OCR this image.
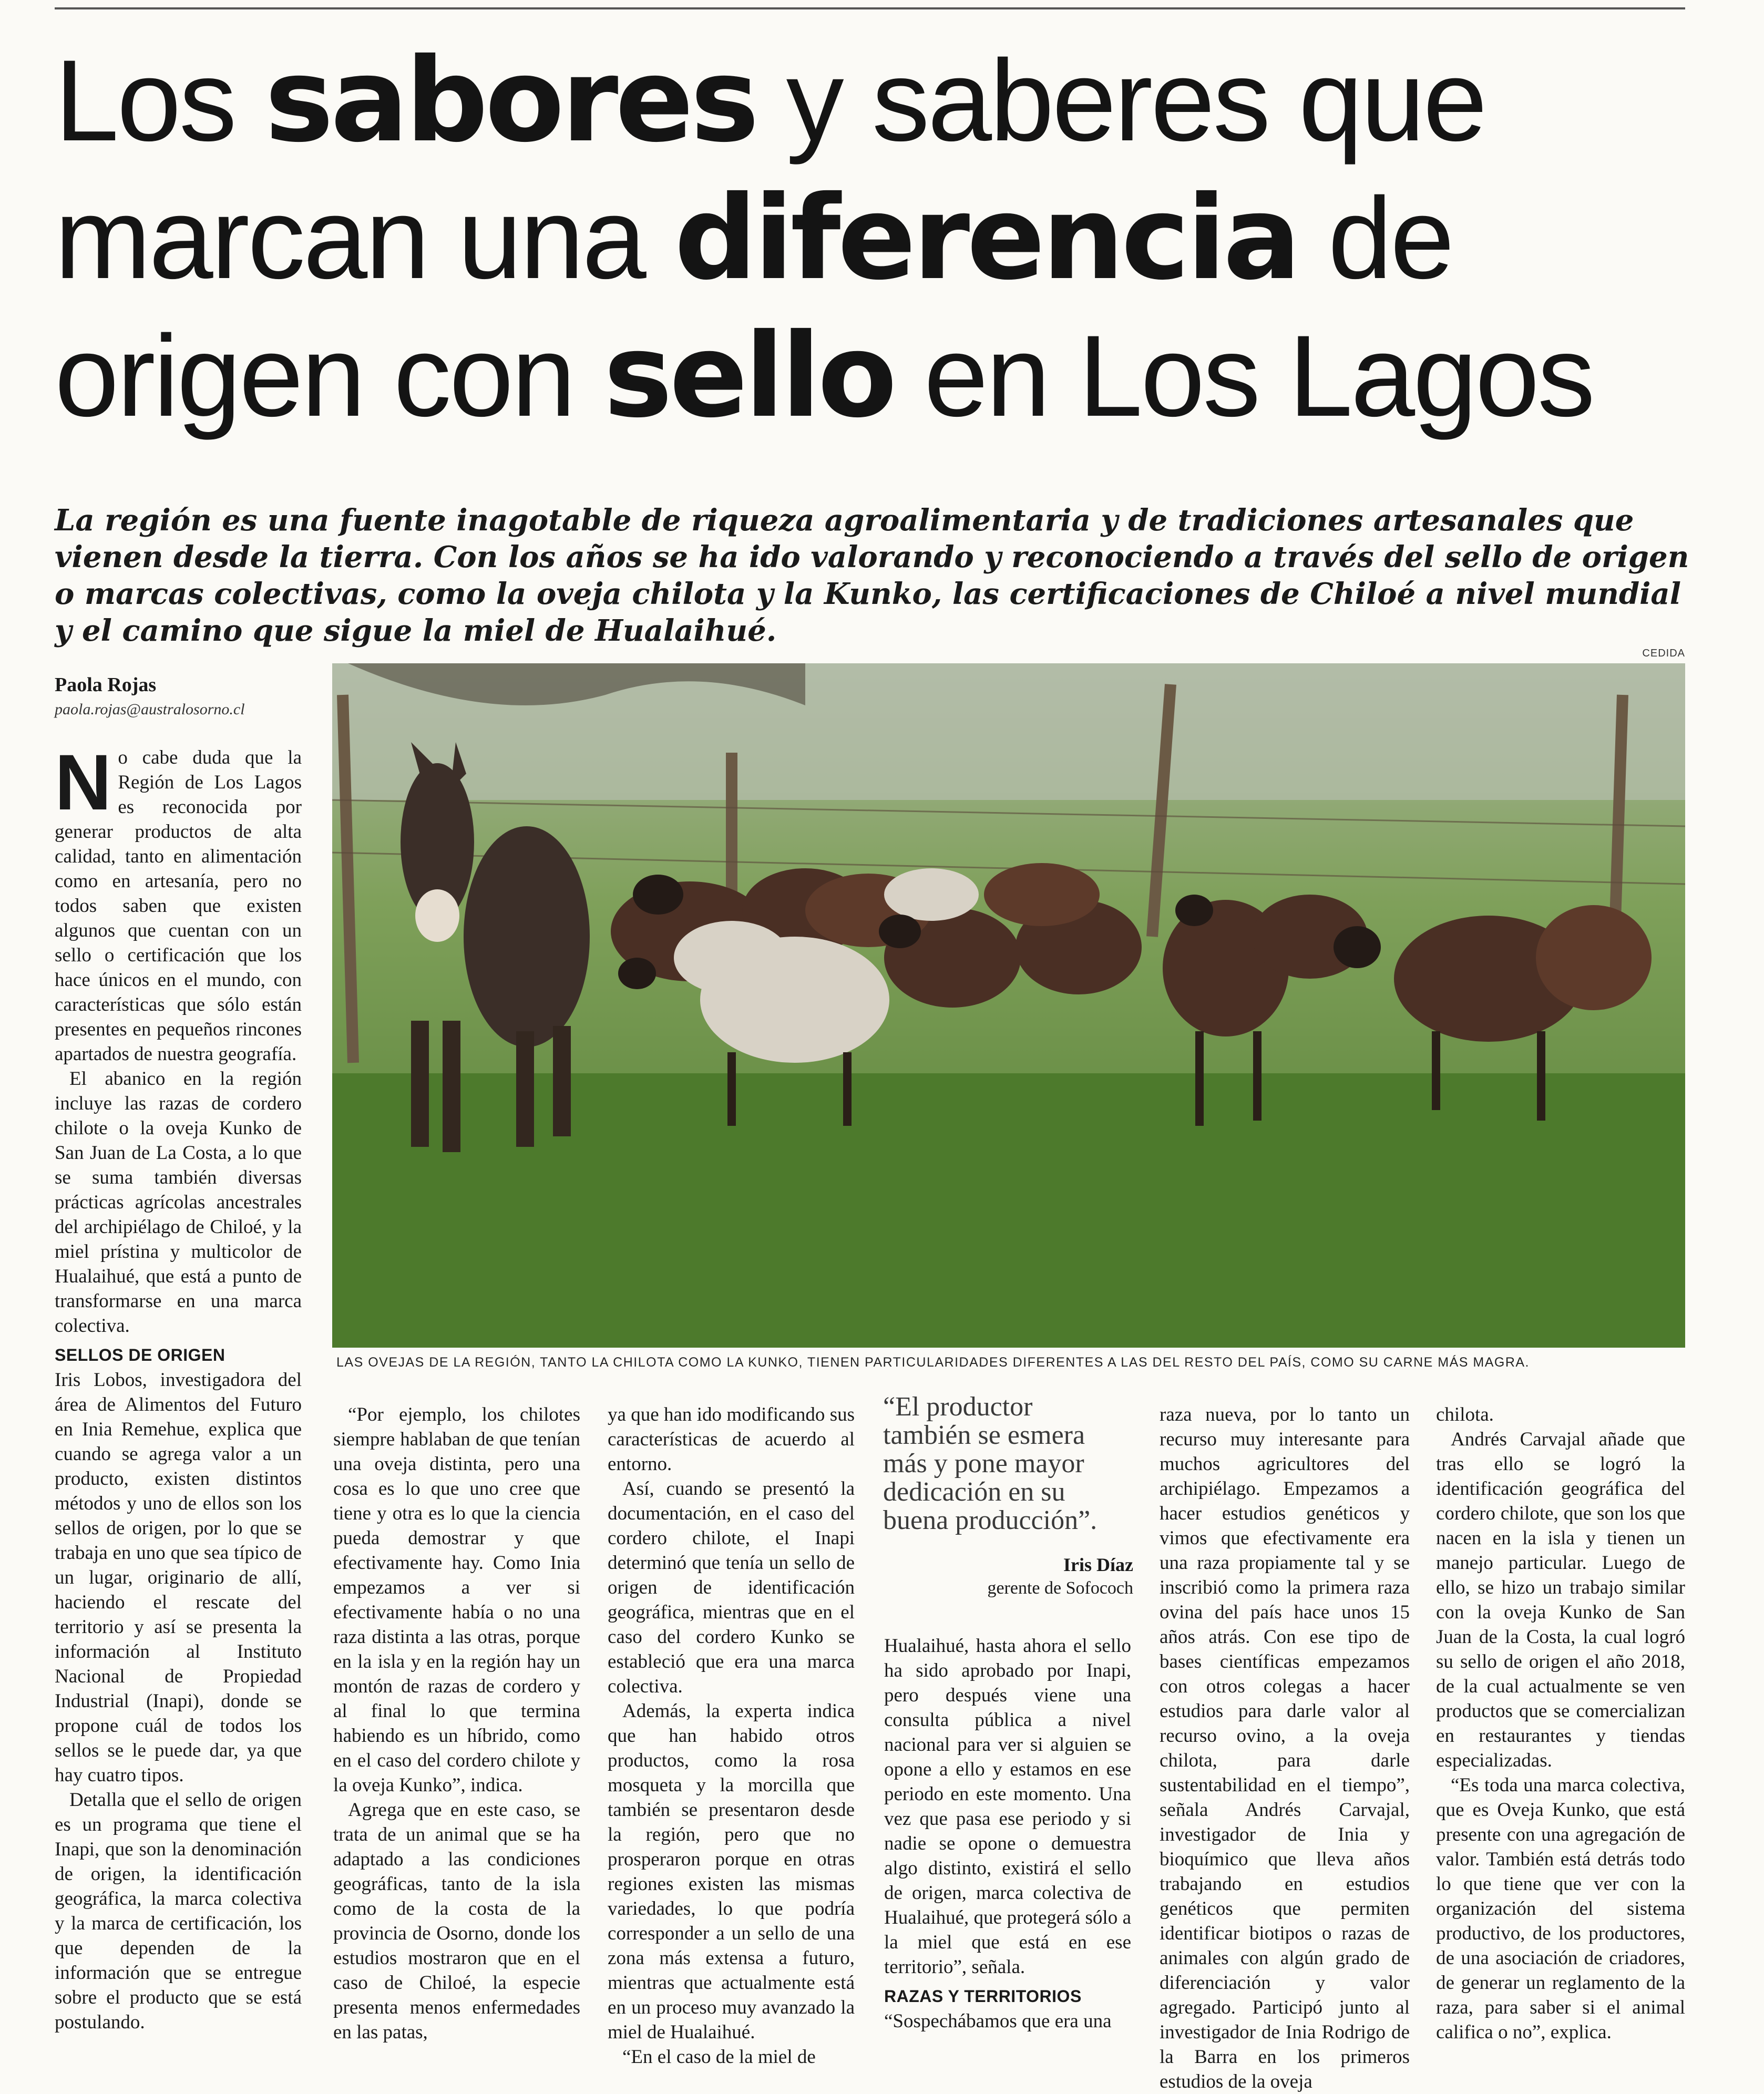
Los sabores y saberes que
marcan una diferencia de
origen con sello en Los Lagos

La región es una fuente inagotable de riqueza agroalimentaria y de tradiciones artesanales que vienen desde la tierra. Con los años se ha ido valorando y reconociendo a través del sello de origen o marcas colectivas, como la oveja chilota y la Kunko, las certificaciones de Chiloé a nivel mundial y el camino que sigue la miel de Hualaihué.

Paola Rojas
paola.rojas@australosorno.cl

No cabe duda que la Región de Los Lagos es reconocida por generar productos de alta calidad, tanto en alimentación como en artesanía, pero no todos saben que existen algunos que cuentan con un sello o certificación que los hace únicos en el mundo, con características que sólo están presentes en pequeños rincones apartados de nuestra geografía.

El abanico en la región incluye las razas de cordero chilote o la oveja Kunko de San Juan de La Costa, a lo que se suma también diversas prácticas agrícolas ancestrales del archipiélago de Chiloé, y la miel prístina y multicolor de Hualaihué, que está a punto de transformarse en una marca colectiva.

SELLOS DE ORIGEN

Iris Lobos, investigadora del área de Alimentos del Futuro en Inia Remehue, explica que cuando se agrega valor a un producto, existen distintos métodos y uno de ellos son los sellos de origen, por lo que se trabaja en uno que sea típico de un lugar, originario de allí, haciendo el rescate del territorio y así se presenta la información al Instituto Nacional de Propiedad Industrial (Inapi), donde se propone cuál de todos los sellos se le puede dar, ya que hay cuatro tipos.

Detalla que el sello de origen es un programa que tiene el Inapi, que son la denominación de origen, la identificación geográfica, la marca colectiva y la marca de certificación, los que dependen de la información que se entregue sobre el producto que se está postulando.

CEDIDA
LAS OVEJAS DE LA REGIÓN, TANTO LA CHILOTA COMO LA KUNKO, TIENEN PARTICULARIDADES DIFERENTES A LAS DEL RESTO DEL PAÍS, COMO SU CARNE MÁS MAGRA.

“Por ejemplo, los chilotes siempre hablaban de que tenían una oveja distinta, pero una cosa es lo que uno cree que tiene y otra es lo que la ciencia pueda demostrar y que efectivamente hay. Como Inia empezamos a ver si efectivamente había o no una raza distinta a las otras, porque en la isla y en la región hay un montón de razas de cordero y al final lo que termina habiendo es un híbrido, como en el caso del cordero chilote y la oveja Kunko”, indica.

Agrega que en este caso, se trata de un animal que se ha adaptado a las condiciones geográficas, tanto de la isla como de la costa de la provincia de Osorno, donde los estudios mostraron que en el caso de Chiloé, la especie presenta menos enfermedades en las patas,

ya que han ido modificando sus características de acuerdo al entorno.

Así, cuando se presentó la documentación, en el caso del cordero chilote, el Inapi determinó que tenía un sello de origen de identificación geográfica, mientras que en el caso del cordero Kunko se estableció que era una marca colectiva.

Además, la experta indica que han habido otros productos, como la rosa mosqueta y la morcilla que también se presentaron desde la región, pero que no prosperaron porque en otras regiones existen las mismas variedades, lo que podría corresponder a un sello de una zona más extensa a futuro, mientras que actualmente está en un proceso muy avanzado la miel de Hualaihué.

“En el caso de la miel de

“El productor también se esmera más y pone mayor dedicación en su buena producción”.
Iris Díaz
gerente de Sofococh

Hualaihué, hasta ahora el sello ha sido aprobado por Inapi, pero después viene una consulta pública a nivel nacional para ver si alguien se opone a ello y estamos en ese periodo en este momento. Una vez que pasa ese periodo y si nadie se opone o demuestra algo distinto, existirá el sello de origen, marca colectiva de Hualaihué, que protegerá sólo a la miel que está en ese territorio”, señala.

RAZAS Y TERRITORIOS

“Sospechábamos que era una

raza nueva, por lo tanto un recurso muy interesante para muchos agricultores del archipiélago. Empezamos a hacer estudios genéticos y vimos que efectivamente era una raza propiamente tal y se inscribió como la primera raza ovina del país hace unos 15 años atrás. Con ese tipo de bases científicas empezamos con otros colegas a hacer estudios para darle valor al recurso ovino, a la oveja chilota, para darle sustentabilidad en el tiempo”, señala Andrés Carvajal, investigador de Inia y bioquímico que lleva años trabajando en estudios genéticos que permiten identificar biotipos o razas de animales con algún grado de diferenciación y valor agregado. Participó junto al investigador de Inia Rodrigo de la Barra en los primeros estudios de la oveja

chilota.

Andrés Carvajal añade que tras ello se logró la identificación geográfica del cordero chilote, que son los que nacen en la isla y tienen un manejo particular. Luego de ello, se hizo un trabajo similar con la oveja Kunko de San Juan de la Costa, la cual logró su sello de origen el año 2018, de la cual actualmente se ven productos que se comercializan en restaurantes y tiendas especializadas.

“Es toda una marca colectiva, que es Oveja Kunko, que está presente con una agregación de valor. También está detrás todo lo que tiene que ver con la organización del sistema productivo, de los productores, de una asociación de criadores, de generar un reglamento de la raza, para saber si el animal califica o no”, explica.
